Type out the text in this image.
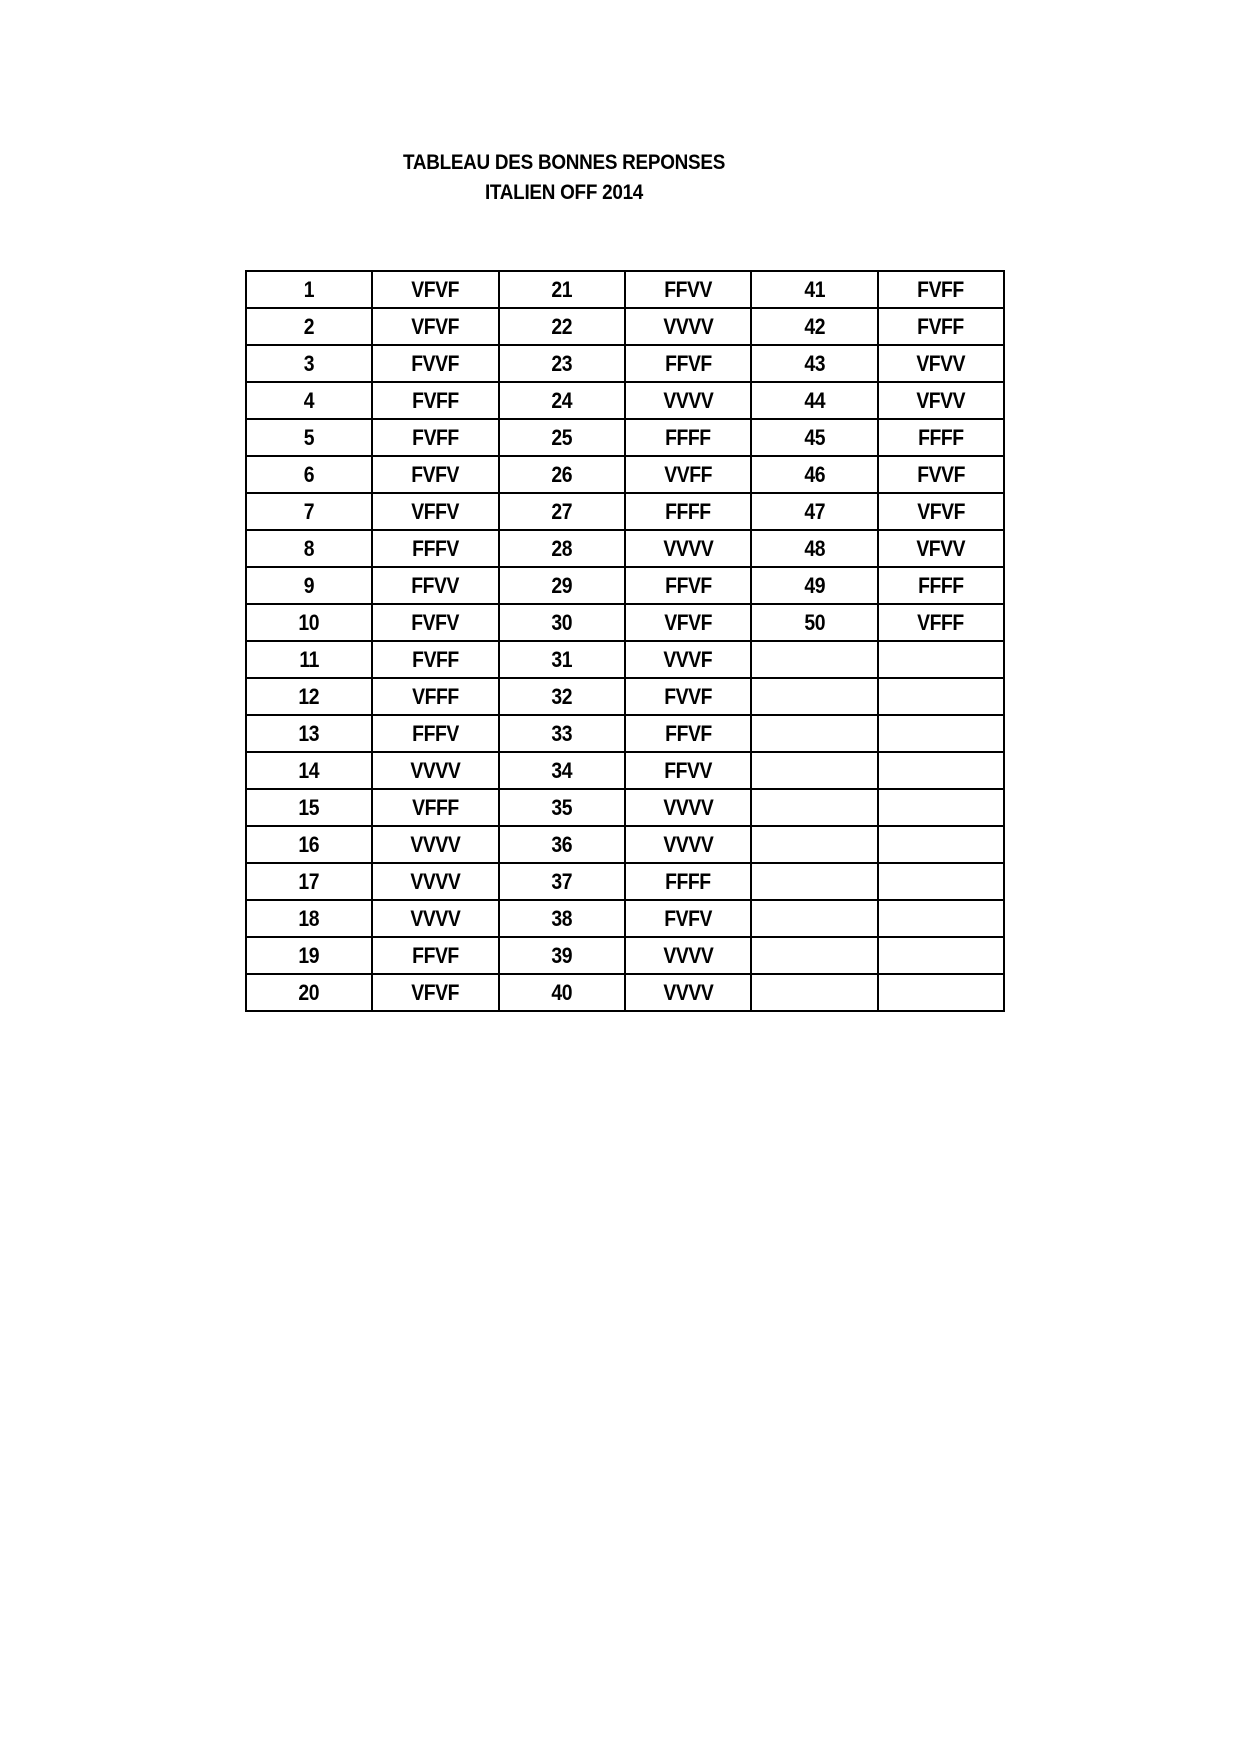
TABLEAU DES BONNES REPONSES
ITALIEN OFF 2014
1	VFVF	21	FFVV	41	FVFF
2	VFVF	22	VVVV	42	FVFF
3	FVVF	23	FFVF	43	VFVV
4	FVFF	24	VVVV	44	VFVV
5	FVFF	25	FFFF	45	FFFF
6	FVFV	26	VVFF	46	FVVF
7	VFFV	27	FFFF	47	VFVF
8	FFFV	28	VVVV	48	VFVV
9	FFVV	29	FFVF	49	FFFF
10	FVFV	30	VFVF	50	VFFF
11	FVFF	31	VVVF		
12	VFFF	32	FVVF		
13	FFFV	33	FFVF		
14	VVVV	34	FFVV		
15	VFFF	35	VVVV		
16	VVVV	36	VVVV		
17	VVVV	37	FFFF		
18	VVVV	38	FVFV		
19	FFVF	39	VVVV		
20	VFVF	40	VVVV		
